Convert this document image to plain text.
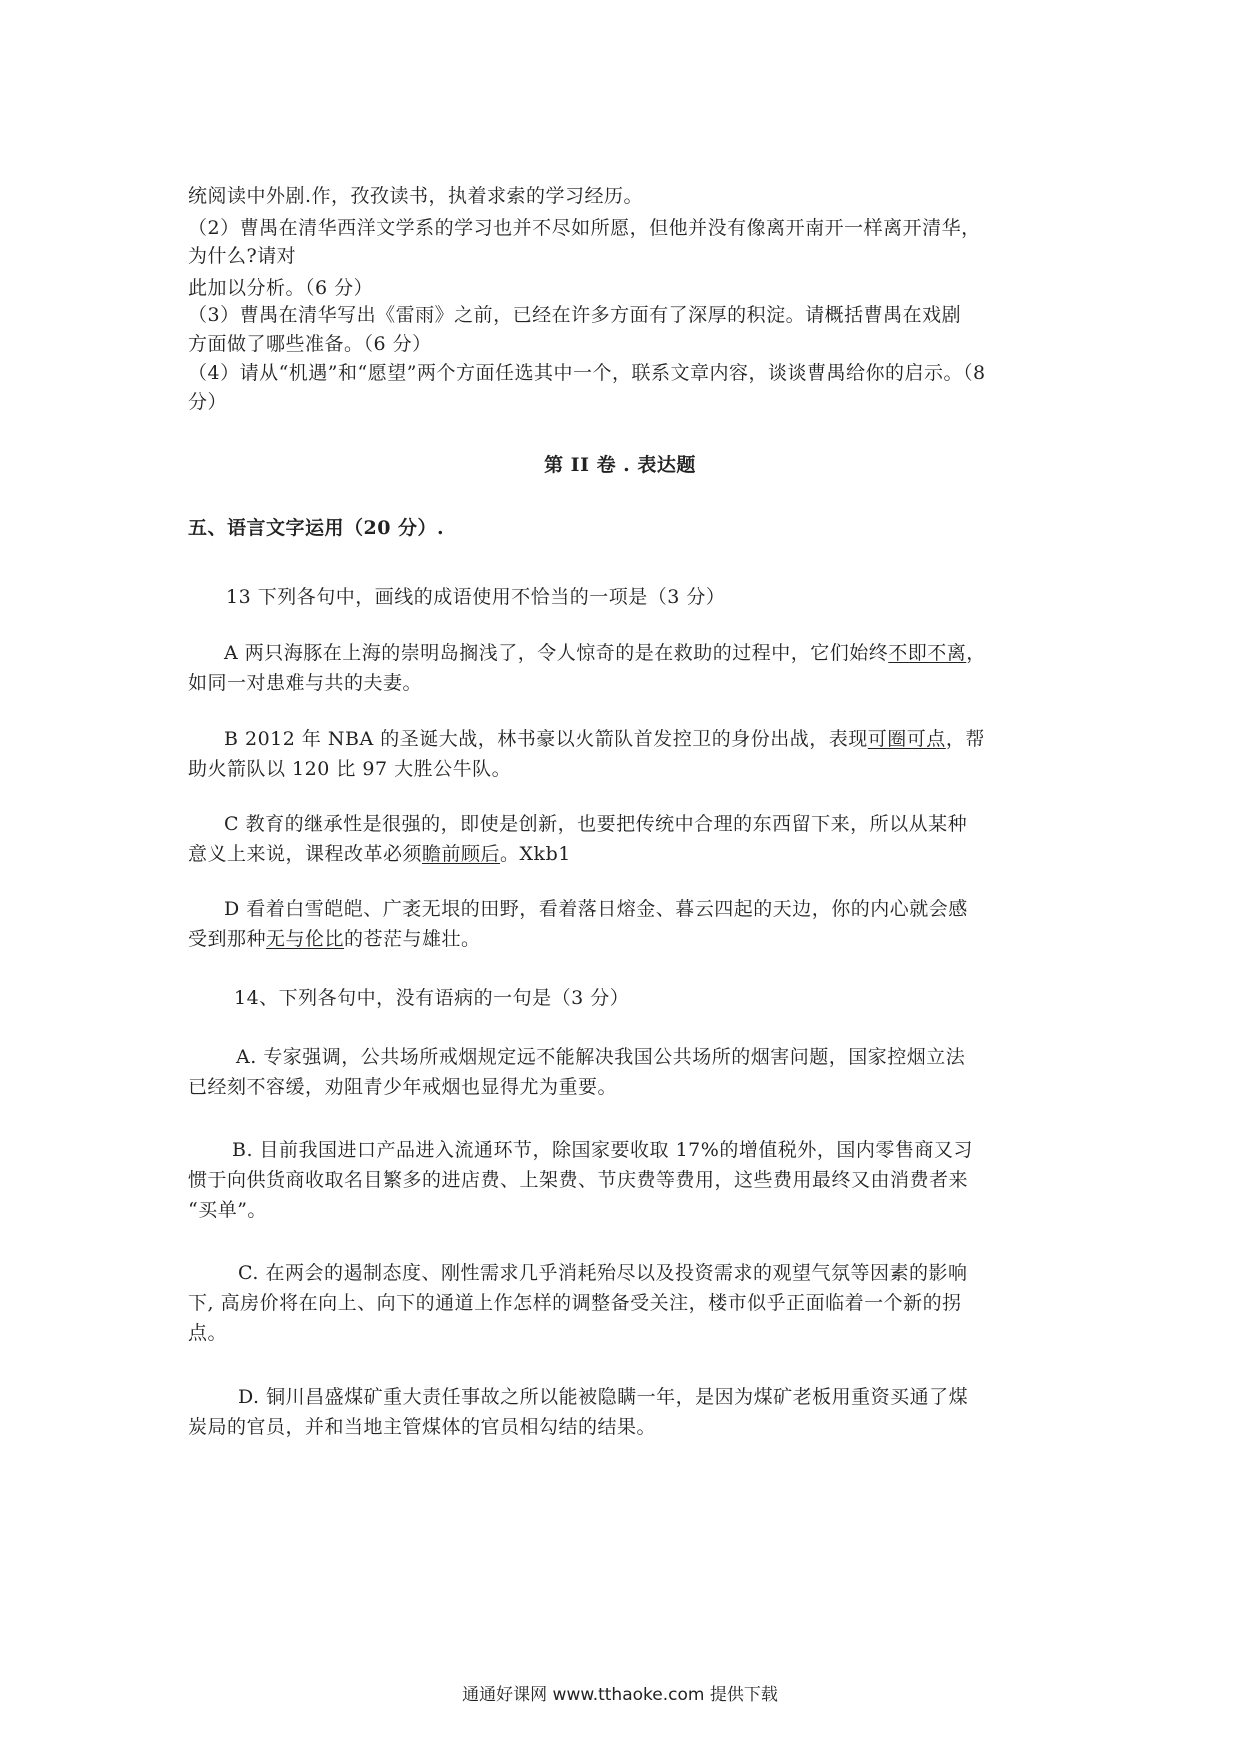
统阅读中外剧.作，孜孜读书，执着求索的学习经历。
（2）曹禺在清华西洋文学系的学习也并不尽如所愿，但他并没有像离开南开一样离开清华，
为什么?请对
此加以分析。（6 分）
（3）曹禺在清华写出《雷雨》之前，已经在许多方面有了深厚的积淀。请概括曹禺在戏剧
方面做了哪些准备。（6 分）
（4）请从“机遇”和“愿望”两个方面任选其中一个，联系文章内容，谈谈曹禺给你的启示。（8
分）
第 II 卷 . 表达题
五、语言文字运用（20 分）.
13 下列各句中，画线的成语使用不恰当的一项是（3 分）
A 两只海豚在上海的崇明岛搁浅了，令人惊奇的是在救助的过程中，它们始终不即不离，
如同一对患难与共的夫妻。
B 2012 年 NBA 的圣诞大战，林书豪以火箭队首发控卫的身份出战，表现可圈可点，帮
助火箭队以 120 比 97 大胜公牛队。
C 教育的继承性是很强的，即使是创新，也要把传统中合理的东西留下来，所以从某种
意义上来说，课程改革必须瞻前顾后。Xkb1
D 看着白雪皑皑、广袤无垠的田野，看着落日熔金、暮云四起的天边，你的内心就会感
受到那种无与伦比的苍茫与雄壮。
14、下列各句中，没有语病的一句是（3 分）
A. 专家强调，公共场所戒烟规定远不能解决我国公共场所的烟害问题，国家控烟立法
已经刻不容缓，劝阻青少年戒烟也显得尤为重要。
B. 目前我国进口产品进入流通环节，除国家要收取 17%的增值税外，国内零售商又习
惯于向供货商收取名目繁多的进店费、上架费、节庆费等费用，这些费用最终又由消费者来
“买单”。
C. 在两会的遏制态度、刚性需求几乎消耗殆尽以及投资需求的观望气氛等因素的影响
下, 高房价将在向上、向下的通道上作怎样的调整备受关注，楼市似乎正面临着一个新的拐
点。
D. 铜川昌盛煤矿重大责任事故之所以能被隐瞒一年，是因为煤矿老板用重资买通了煤
炭局的官员，并和当地主管煤体的官员相勾结的结果。
通通好课网 www.tthaoke.com 提供下载
